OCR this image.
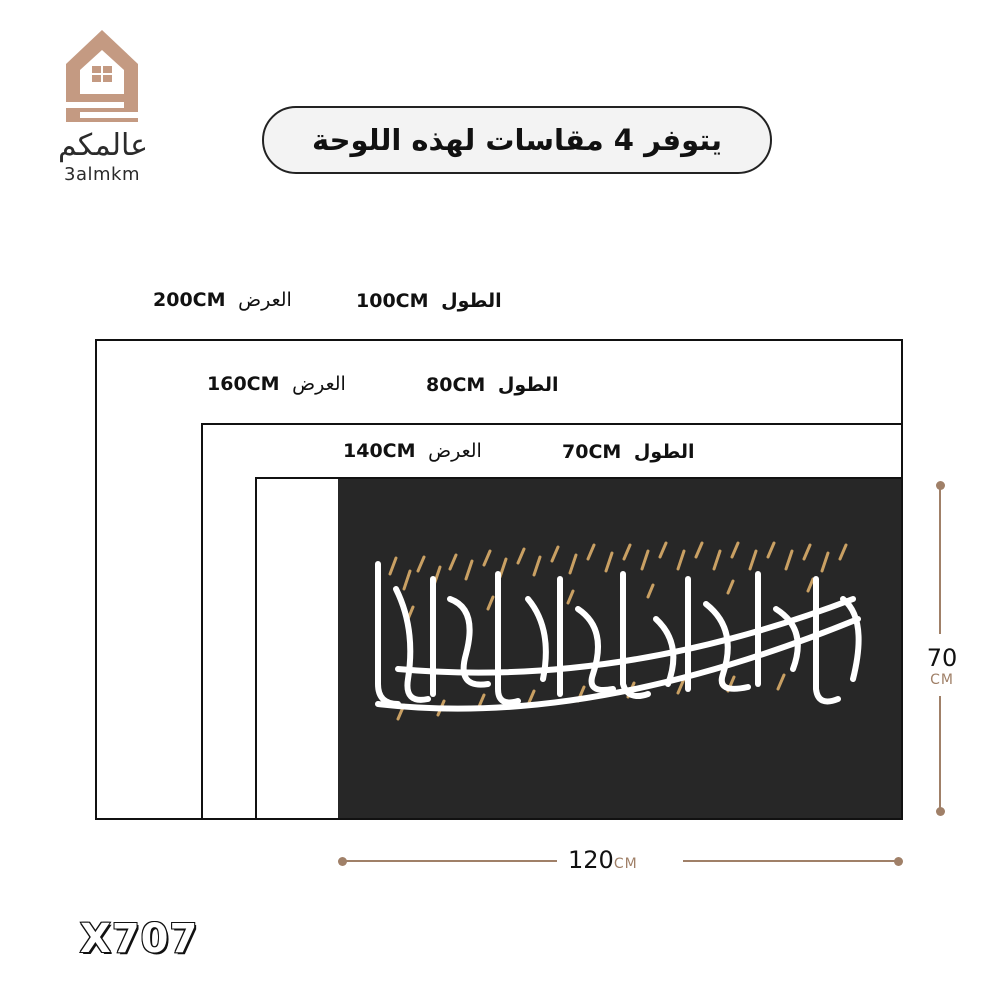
عالمكم
3almkm
يتوفر 4 مقاسات لهذه اللوحة
200CM العرض	100CM الطول
160CM العرض	80CM الطول
140CM العرض	70CM الطول
120CM
70
CM
X707
